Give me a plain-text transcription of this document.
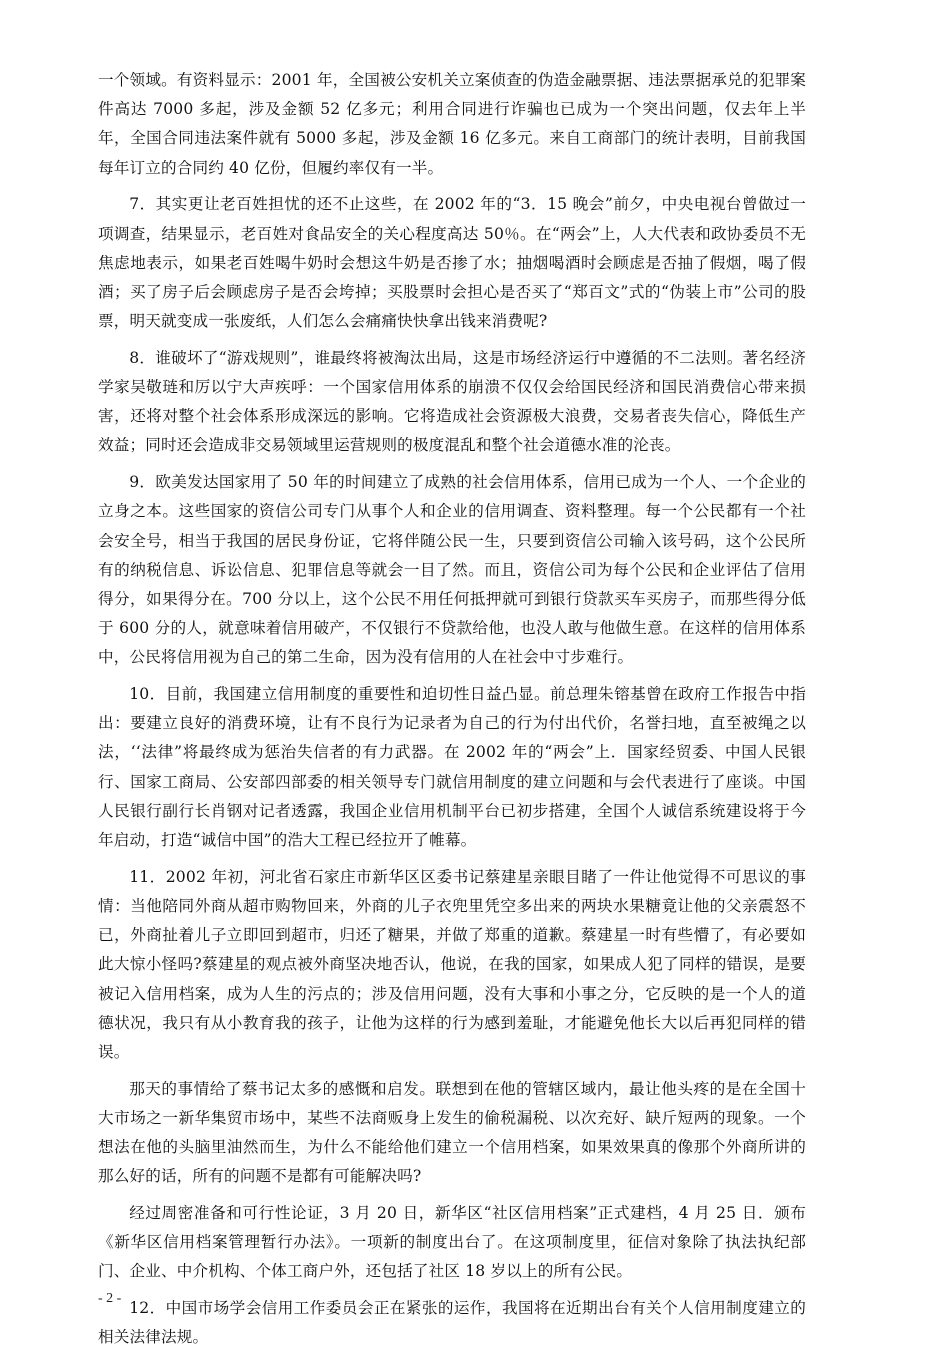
一个领域。有资料显示：2001 年，全国被公安机关立案侦查的伪造金融票据、违法票据承兑的犯罪案件高达 7000 多起，涉及金额 52 亿多元；利用合同进行诈骗也已成为一个突出问题，仅去年上半年，全国合同违法案件就有 5000 多起，涉及金额 16 亿多元。来自工商部门的统计表明，目前我国每年订立的合同约 40 亿份，但履约率仅有一半。

7．其实更让老百姓担忧的还不止这些，在 2002 年的“3．15 晚会”前夕，中央电视台曾做过一项调查，结果显示，老百姓对食品安全的关心程度高达 50％。在“两会”上，人大代表和政协委员不无焦虑地表示，如果老百姓喝牛奶时会想这牛奶是否掺了水；抽烟喝酒时会顾虑是否抽了假烟，喝了假酒；买了房子后会顾虑房子是否会垮掉；买股票时会担心是否买了“郑百文”式的“伪装上市”公司的股票，明天就变成一张废纸，人们怎么会痛痛快快拿出钱来消费呢?

8．谁破坏了“游戏规则”，谁最终将被淘汰出局，这是市场经济运行中遵循的不二法则。著名经济学家吴敬琏和厉以宁大声疾呼：一个国家信用体系的崩溃不仅仅会给国民经济和国民消费信心带来损害，还将对整个社会体系形成深远的影响。它将造成社会资源极大浪费，交易者丧失信心，降低生产效益；同时还会造成非交易领域里运营规则的极度混乱和整个社会道德水准的沦丧。

9．欧美发达国家用了 50 年的时间建立了成熟的社会信用体系，信用已成为一个人、一个企业的立身之本。这些国家的资信公司专门从事个人和企业的信用调查、资料整理。每一个公民都有一个社会安全号，相当于我国的居民身份证，它将伴随公民一生，只要到资信公司输入该号码，这个公民所有的纳税信息、诉讼信息、犯罪信息等就会一目了然。而且，资信公司为每个公民和企业评估了信用得分，如果得分在。700 分以上，这个公民不用任何抵押就可到银行贷款买车买房子，而那些得分低于 600 分的人，就意味着信用破产，不仅银行不贷款给他，也没人敢与他做生意。在这样的信用体系中，公民将信用视为自己的第二生命，因为没有信用的人在社会中寸步难行。

10．目前，我国建立信用制度的重要性和迫切性日益凸显。前总理朱镕基曾在政府工作报告中指出：要建立良好的消费环境，让有不良行为记录者为自己的行为付出代价，名誉扫地，直至被绳之以法，‘‘法律”将最终成为惩治失信者的有力武器。在 2002 年的“两会”上．国家经贸委、中国人民银行、国家工商局、公安部四部委的相关领导专门就信用制度的建立问题和与会代表进行了座谈。中国人民银行副行长肖钢对记者透露，我国企业信用机制平台已初步搭建，全国个人诚信系统建设将于今年启动，打造“诚信中国”的浩大工程已经拉开了帷幕。

11．2002 年初，河北省石家庄市新华区区委书记蔡建星亲眼目睹了一件让他觉得不可思议的事情：当他陪同外商从超市购物回来，外商的儿子衣兜里凭空多出来的两块水果糖竟让他的父亲震怒不已，外商扯着儿子立即回到超市，归还了糖果，并做了郑重的道歉。蔡建星一时有些懵了，有必要如此大惊小怪吗?蔡建星的观点被外商坚决地否认，他说，在我的国家，如果成人犯了同样的错误，是要被记入信用档案，成为人生的污点的；涉及信用问题，没有大事和小事之分，它反映的是一个人的道德状况，我只有从小教育我的孩子，让他为这样的行为感到羞耻，才能避免他长大以后再犯同样的错误。

那天的事情给了蔡书记太多的感慨和启发。联想到在他的管辖区域内，最让他头疼的是在全国十大市场之一新华集贸市场中，某些不法商贩身上发生的偷税漏税、以次充好、缺斤短两的现象。一个想法在他的头脑里油然而生，为什么不能给他们建立一个信用档案，如果效果真的像那个外商所讲的那么好的话，所有的问题不是都有可能解决吗?

经过周密准备和可行性论证，3 月 20 日，新华区“社区信用档案”正式建档，4 月 25 日．颁布《新华区信用档案管理暂行办法》。一项新的制度出台了。在这项制度里，征信对象除了执法执纪部门、企业、中介机构、个体工商户外，还包括了社区 18 岁以上的所有公民。

12．中国市场学会信用工作委员会正在紧张的运作，我国将在近期出台有关个人信用制度建立的相关法律法规。

- 2 -
